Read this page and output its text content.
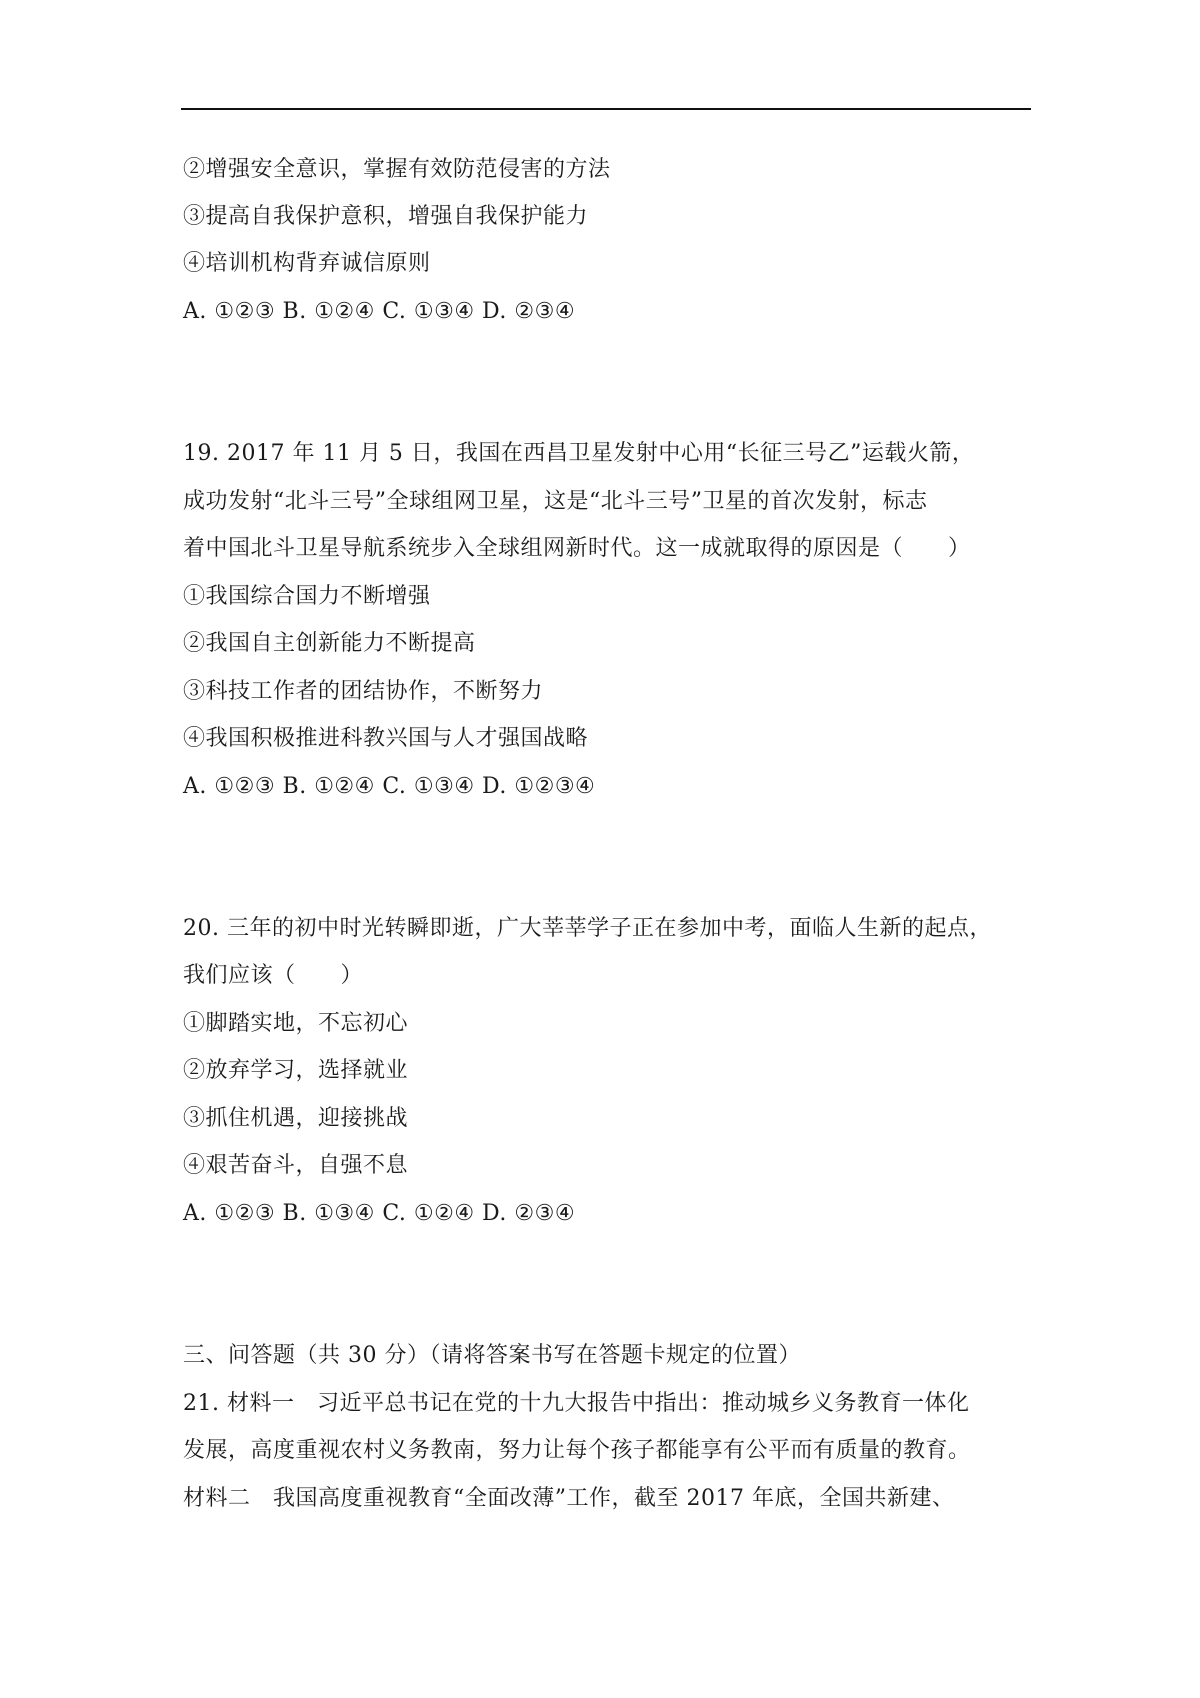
②增强安全意识，掌握有效防范侵害的方法
③提高自我保护意积，增强自我保护能力
④培训机构背弃诚信原则
A. ①②③ B. ①②④ C. ①③④ D. ②③④
19. 2017 年 11 月 5 日，我国在西昌卫星发射中心用“长征三号乙”运载火箭，
成功发射“北斗三号”全球组网卫星，这是“北斗三号”卫星的首次发射，标志
着中国北斗卫星导航系统步入全球组网新时代。这一成就取得的原因是（　　）
①我国综合国力不断增强
②我国自主创新能力不断提高
③科技工作者的团结协作，不断努力
④我国积极推进科教兴国与人才强国战略
A. ①②③ B. ①②④ C. ①③④ D. ①②③④
20. 三年的初中时光转瞬即逝，广大莘莘学子正在参加中考，面临人生新的起点，
我们应该（　　）
①脚踏实地，不忘初心
②放弃学习，选择就业
③抓住机遇，迎接挑战
④艰苦奋斗，自强不息
A. ①②③ B. ①③④ C. ①②④ D. ②③④
三、问答题（共 30 分）（请将答案书写在答题卡规定的位置）
21. 材料一　习近平总书记在党的十九大报告中指出：推动城乡义务教育一体化
发展，高度重视农村义务教南，努力让每个孩子都能享有公平而有质量的教育。
材料二　我国高度重视教育“全面改薄”工作，截至 2017 年底，全国共新建、
